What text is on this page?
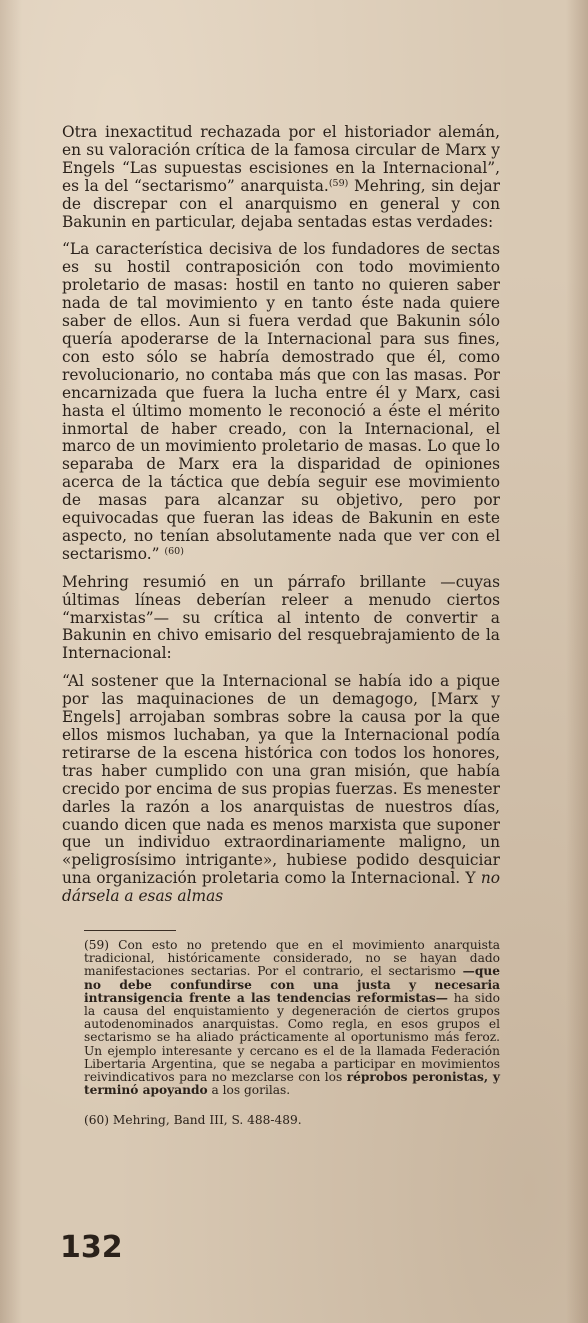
Otra inexactitud rechazada por el historiador alemán, en su valoración crítica de la famosa circular de Marx y Engels “Las supuestas escisiones en la Internacional”, es la del “sectarismo” anarquista.$^{(59)}$ Mehring, sin dejar de discrepar con el anarquismo en general y con Bakunin en particular, dejaba sentadas estas verdades:

“La característica decisiva de los fundadores de sectas es su hostil contraposición con todo movimiento proletario de masas: hostil en tanto no quieren saber nada de tal movimiento y en tanto éste nada quiere saber de ellos. Aun si fuera verdad que Bakunin sólo quería apoderarse de la Internacional para sus fines, con esto sólo se habría demostrado que él, como revolucionario, no contaba más que con las masas. Por encarnizada que fuera la lucha entre él y Marx, casi hasta el último momento le reconoció a éste el mérito inmortal de haber creado, con la Internacional, el marco de un movimiento proletario de masas. Lo que lo separaba de Marx era la disparidad de opiniones acerca de la táctica que debía seguir ese movimiento de masas para alcanzar su objetivo, pero por equivocadas que fueran las ideas de Bakunin en este aspecto, no tenían absolutamente nada que ver con el sectarismo.” $^{(60)}$

Mehring resumió en un párrafo brillante —cuyas últimas líneas deberían releer a menudo ciertos “marxistas”— su crítica al intento de convertir a Bakunin en chivo emisario del resquebrajamiento de la Internacional:

“Al sostener que la Internacional se había ido a pique por las maquinaciones de un demagogo, [Marx y Engels] arrojaban sombras sobre la causa por la que ellos mismos luchaban, ya que la Internacional podía retirarse de la escena histórica con todos los honores, tras haber cumplido con una gran misión, que había crecido por encima de sus propias fuerzas. Es menester darles la razón a los anarquistas de nuestros días, cuando dicen que nada es menos marxista que suponer que un individuo extraordinariamente maligno, un «peligrosísimo intrigante», hubiese podido desquiciar una organización proletaria como la Internacional. Y no dársela a esas almas

(59) Con esto no pretendo que en el movimiento anarquista tradicional, históricamente considerado, no se hayan dado manifestaciones sectarias. Por el contrario, el sectarismo —que no debe confundirse con una justa y necesaria intransigencia frente a las tendencias reformistas— ha sido la causa del enquistamiento y degeneración de ciertos grupos autodenominados anarquistas. Como regla, en esos grupos el sectarismo se ha aliado prácticamente al oportunismo más feroz. Un ejemplo interesante y cercano es el de la llamada Federación Libertaria Argentina, que se negaba a participar en movimientos reivindicativos para no mezclarse con los réprobos peronistas, y terminó apoyando a los gorilas.

(60) Mehring, Band III, S. 488-489.

132
